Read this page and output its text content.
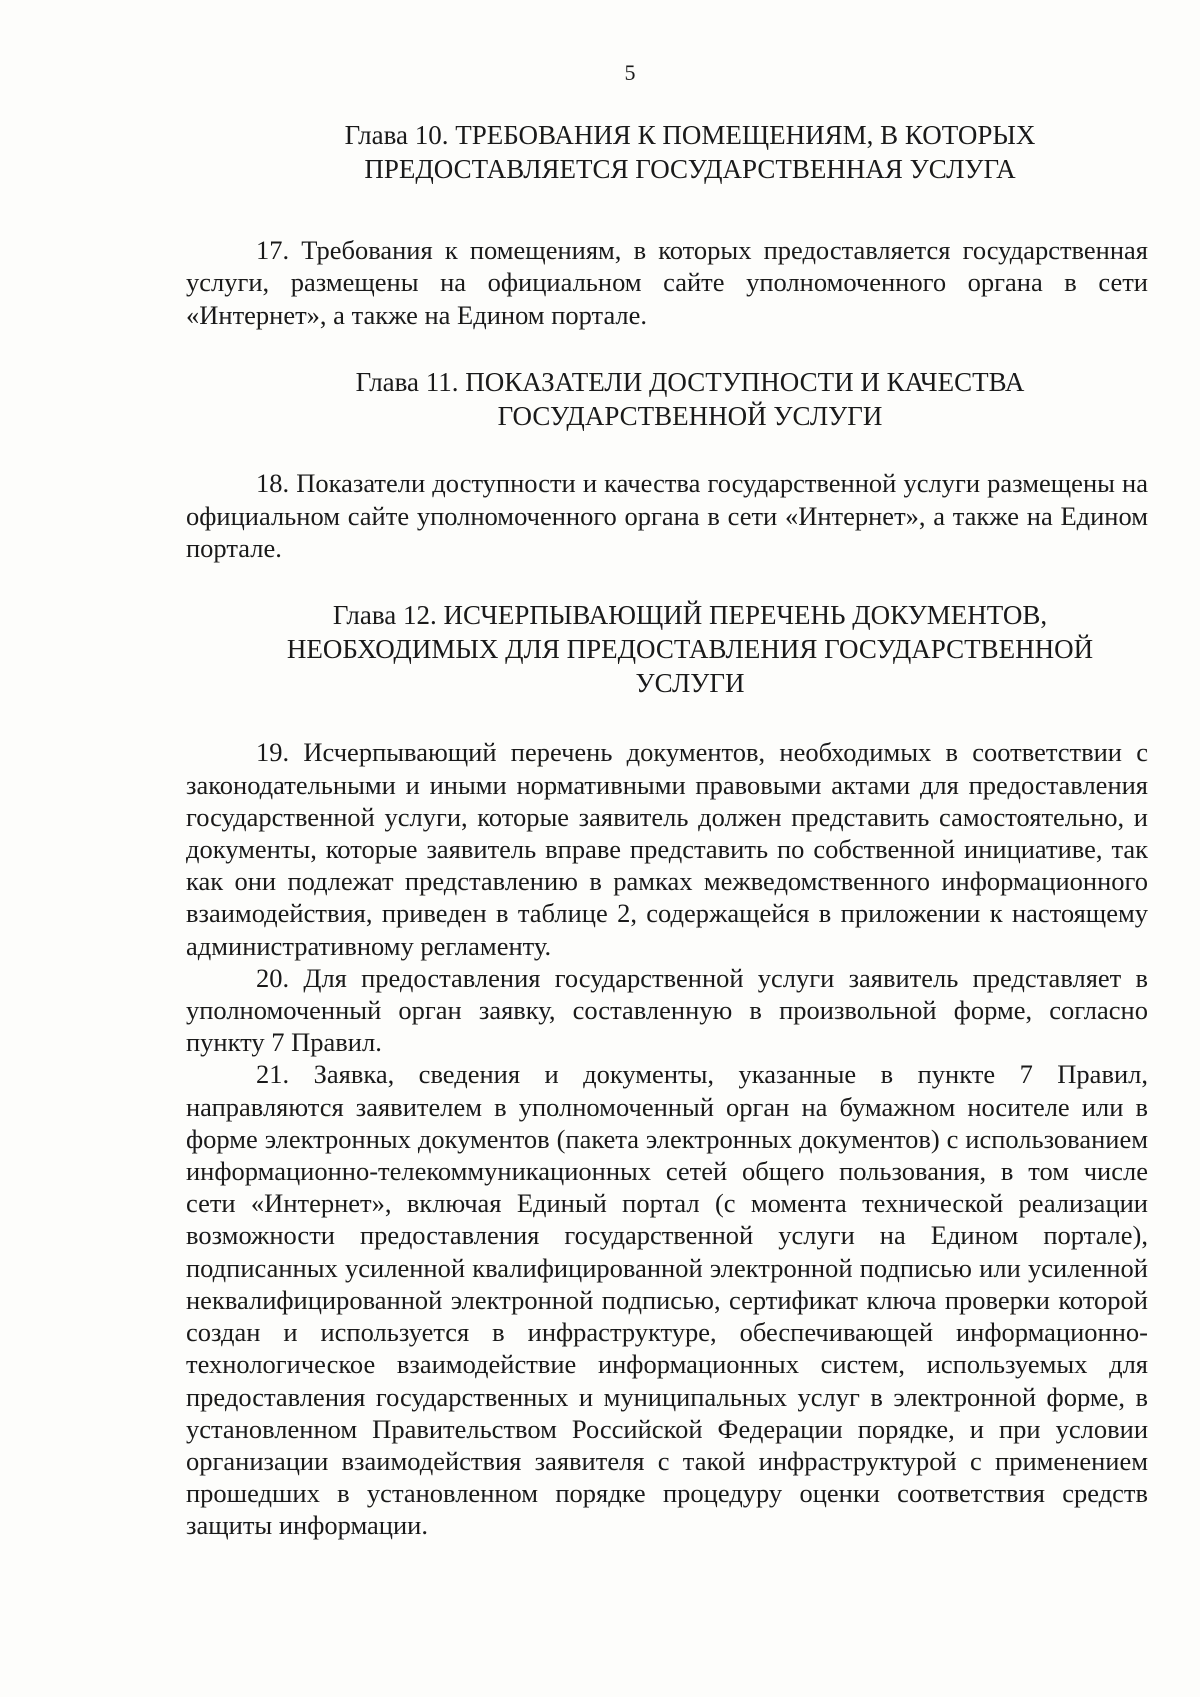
5
Глава 10. ТРЕБОВАНИЯ К ПОМЕЩЕНИЯМ, В КОТОРЫХ
ПРЕДОСТАВЛЯЕТСЯ ГОСУДАРСТВЕННАЯ УСЛУГА

17. Требования к помещениям, в которых предоставляется государственная услуги, размещены на официальном сайте уполномоченного органа в сети «Интернет», а также на Едином портале.

Глава 11. ПОКАЗАТЕЛИ ДОСТУПНОСТИ И КАЧЕСТВА
ГОСУДАРСТВЕННОЙ УСЛУГИ

18. Показатели доступности и качества государственной услуги размещены на официальном сайте уполномоченного органа в сети «Интернет», а также на Едином портале.

Глава 12. ИСЧЕРПЫВАЮЩИЙ ПЕРЕЧЕНЬ ДОКУМЕНТОВ,
НЕОБХОДИМЫХ ДЛЯ ПРЕДОСТАВЛЕНИЯ ГОСУДАРСТВЕННОЙ
УСЛУГИ

19. Исчерпывающий перечень документов, необходимых в соответствии с законодательными и иными нормативными правовыми актами для предоставления государственной услуги, которые заявитель должен представить самостоятельно, и документы, которые заявитель вправе представить по собственной инициативе, так как они подлежат представлению в рамках межведомственного информационного взаимодействия, приведен в таблице 2, содержащейся в приложении к настоящему административному регламенту.

20. Для предоставления государственной услуги заявитель представляет в уполномоченный орган заявку, составленную в произвольной форме, согласно пункту 7 Правил.

21. Заявка, сведения и документы, указанные в пункте 7 Правил, направляются заявителем в уполномоченный орган на бумажном носителе или в форме электронных документов (пакета электронных документов) с использованием информационно-телекоммуникационных сетей общего пользования, в том числе сети «Интернет», включая Единый портал (с момента технической реализации возможности предоставления государственной услуги на Едином портале), подписанных усиленной квалифицированной электронной подписью или усиленной неквалифицированной электронной подписью, сертификат ключа проверки которой создан и используется в инфраструктуре, обеспечивающей информационно-технологическое взаимодействие информационных систем, используемых для предоставления государственных и муниципальных услуг в электронной форме, в установленном Правительством Российской Федерации порядке, и при условии организации взаимодействия заявителя с такой инфраструктурой с применением прошедших в установленном порядке процедуру оценки соответствия средств защиты информации.
